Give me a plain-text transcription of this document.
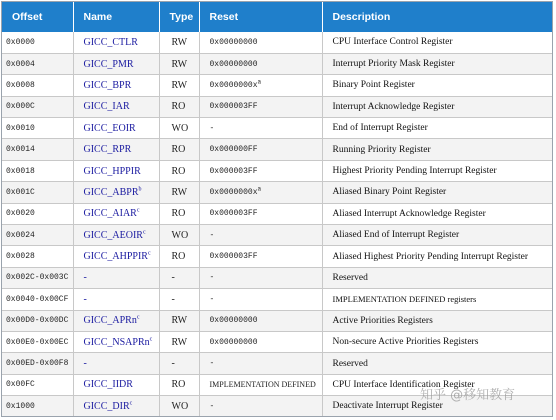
Offset	Name	Type	Reset	Description
0x0000	GICC_CTLR	RW	0x00000000	CPU Interface Control Register
0x0004	GICC_PMR	RW	0x00000000	Interrupt Priority Mask Register
0x0008	GICC_BPR	RW	$0x0000000x^a$	Binary Point Register
0x000C	GICC_IAR	RO	0x000003FF	Interrupt Acknowledge Register
0x0010	GICC_EOIR	WO	-	End of Interrupt Register
0x0014	GICC_RPR	RO	0x000000FF	Running Priority Register
0x0018	GICC_HPPIR	RO	0x000003FF	Highest Priority Pending Interrupt Register
0x001C	GICC_ABPR$^b$	RW	$0x0000000x^a$	Aliased Binary Point Register
0x0020	GICC_AIAR$^c$	RO	0x000003FF	Aliased Interrupt Acknowledge Register
0x0024	GICC_AEOIR$^c$	WO	-	Aliased End of Interrupt Register
0x0028	GICC_AHPPIR$^c$	RO	0x000003FF	Aliased Highest Priority Pending Interrupt Register
0x002C-0x003C	-	-	-	Reserved
0x0040-0x00CF	-	-	-	IMPLEMENTATION DEFINED registers
0x00D0-0x00DC	GICC_APRn$^c$	RW	0x00000000	Active Priorities Registers
0x00E0-0x00EC	GICC_NSAPRn$^c$	RW	0x00000000	Non-secure Active Priorities Registers
0x00ED-0x00F8	-	-	-	Reserved
0x00FC	GICC_IIDR	RO	IMPLEMENTATION DEFINED	CPU Interface Identification Register
0x1000	GICC_DIR$^c$	WO	-	Deactivate Interrupt Register
知乎 @移知教育
